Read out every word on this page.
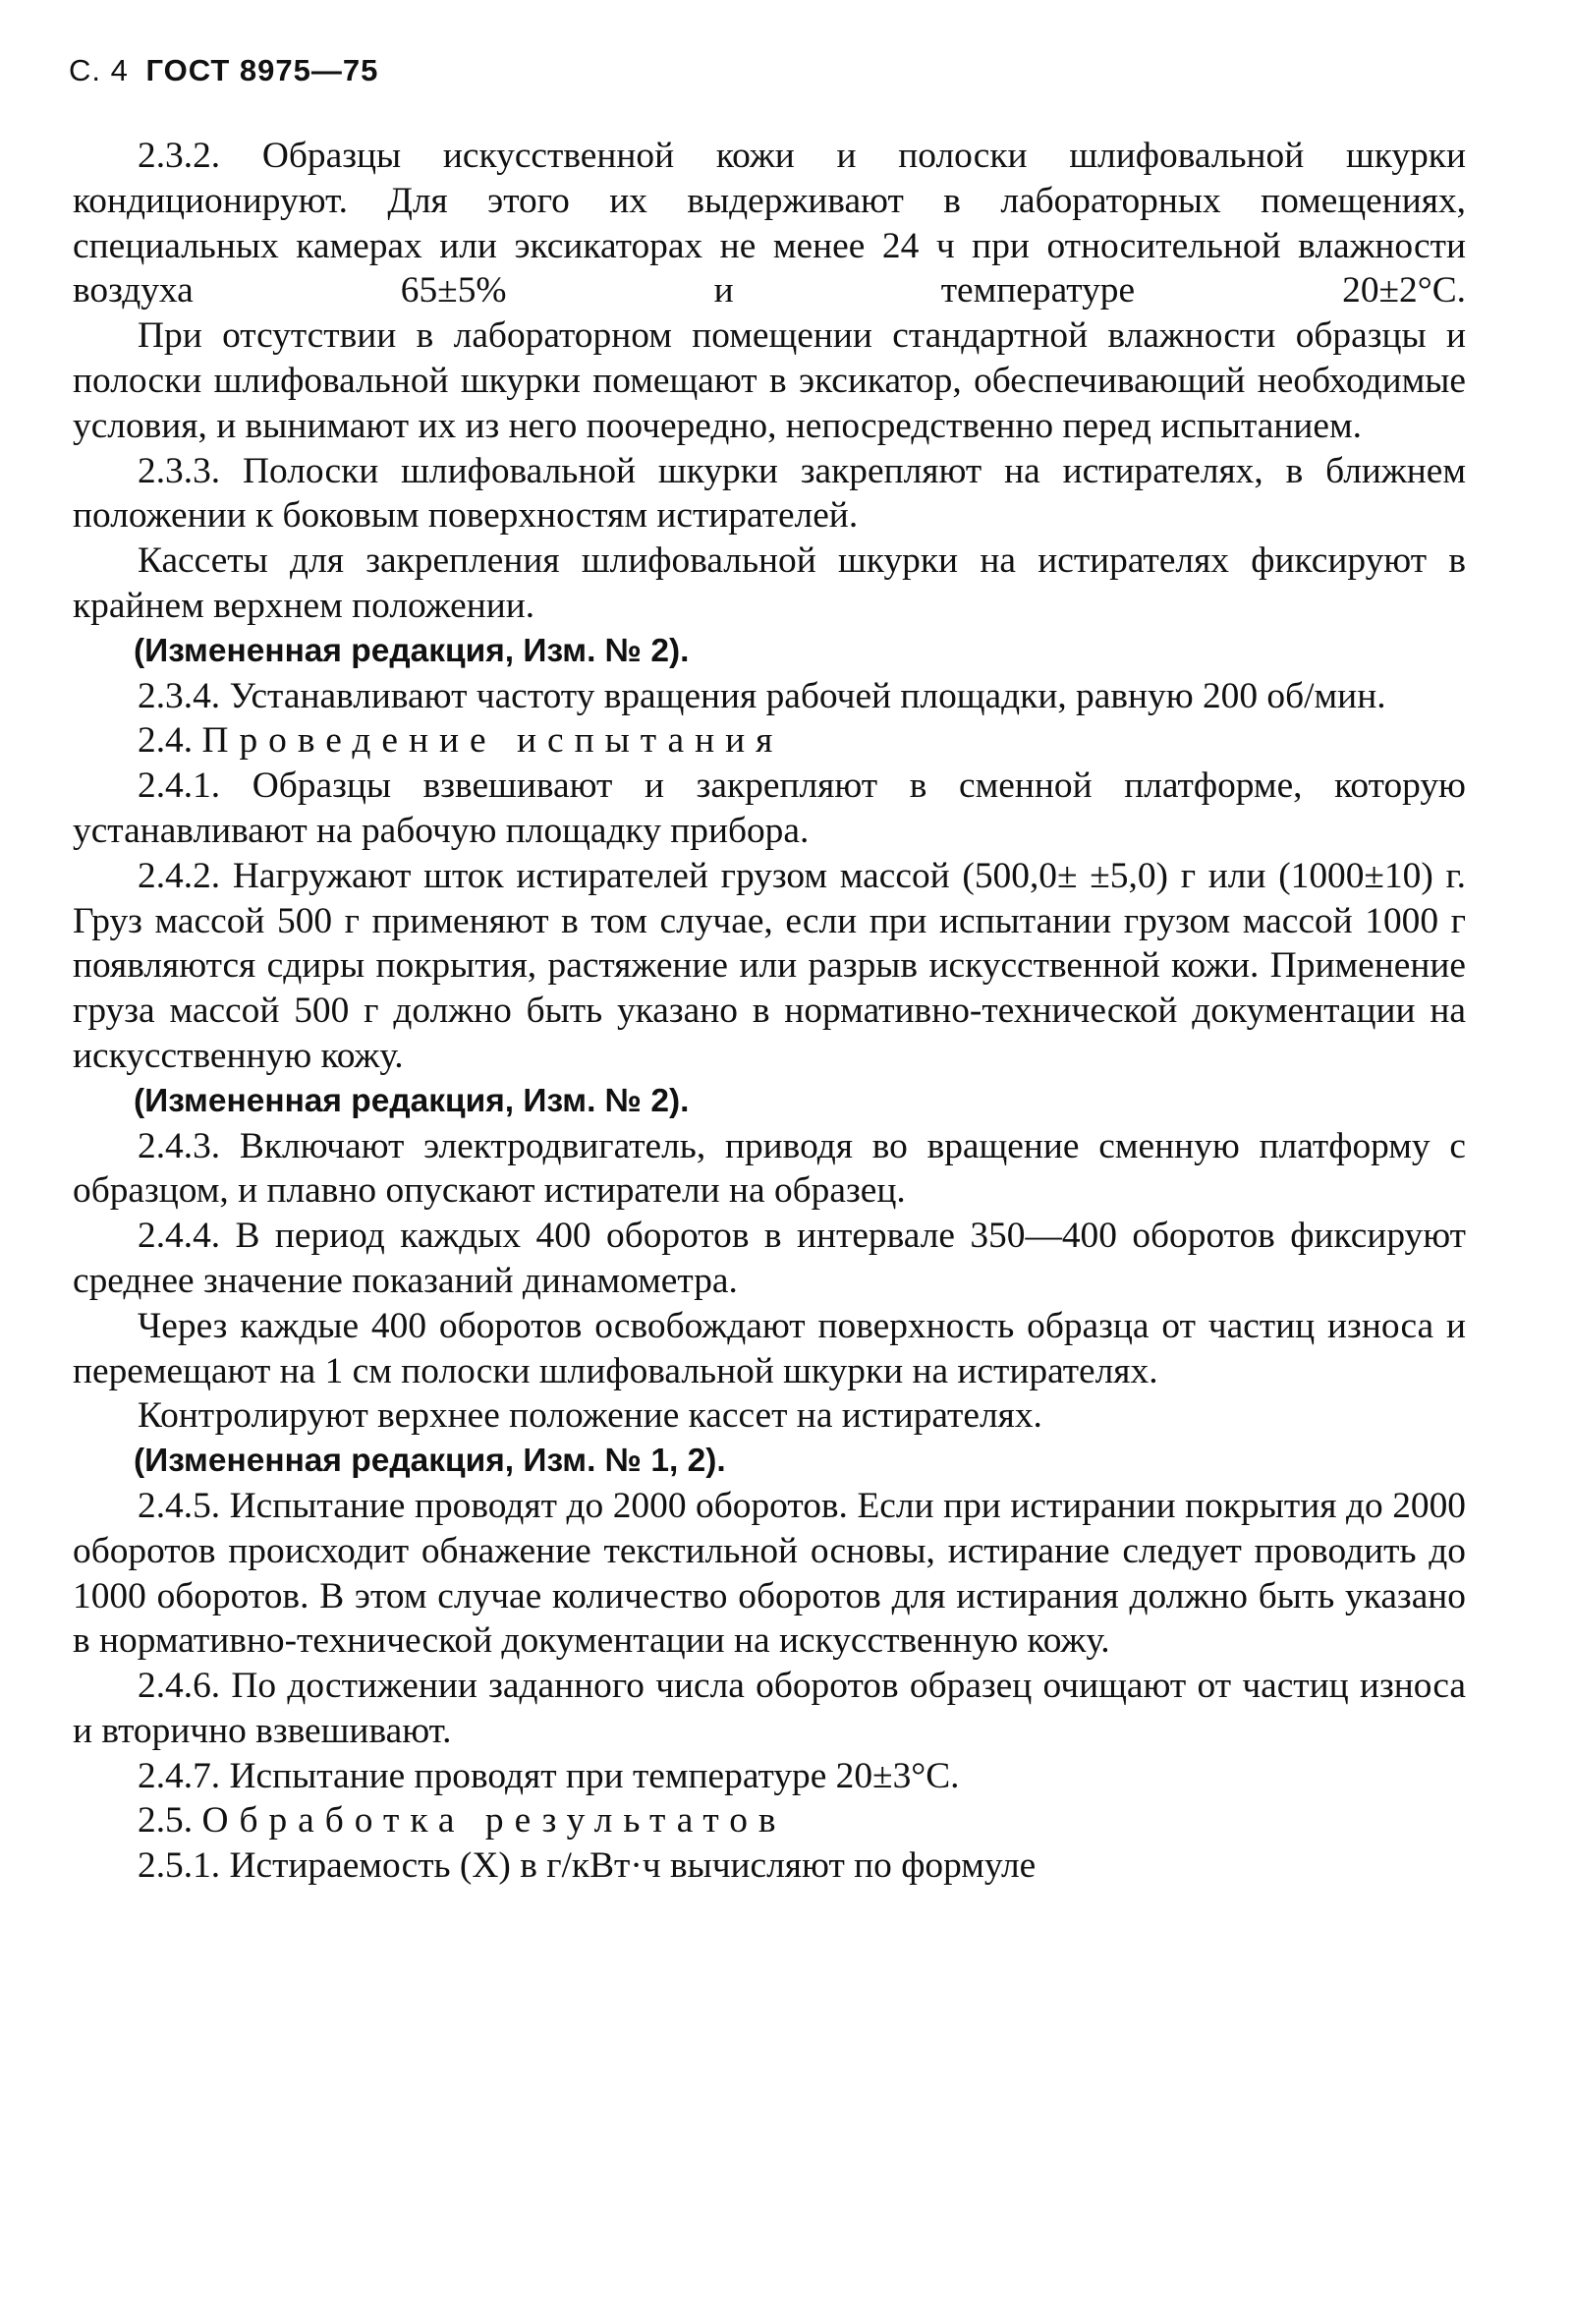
С. 4 ГОСТ 8975—75

2.3.2. Образцы искусственной кожи и полоски шлифовальной шкурки кондиционируют. Для этого их выдерживают в лабораторных помещениях, специальных камерах или эксикаторах не менее 24 ч при относительной влажности воздуха 65±5% и температуре 20±2°С.

При отсутствии в лабораторном помещении стандартной влажности образцы и полоски шлифовальной шкурки помещают в эксикатор, обеспечивающий необходимые условия, и вынимают их из него поочередно, непосредственно перед испытанием.

2.3.3. Полоски шлифовальной шкурки закрепляют на истирателях, в ближнем положении к боковым поверхностям истирателей.

Кассеты для закрепления шлифовальной шкурки на истирателях фиксируют в крайнем верхнем положении.

(Измененная редакция, Изм. № 2).

2.3.4. Устанавливают частоту вращения рабочей площадки, равную 200 об/мин.

2.4. Проведение испытания

2.4.1. Образцы взвешивают и закрепляют в сменной платформе, которую устанавливают на рабочую площадку прибора.

2.4.2. Нагружают шток истирателей грузом массой (500,0± ±5,0) г или (1000±10) г. Груз массой 500 г применяют в том случае, если при испытании грузом массой 1000 г появляются сдиры покрытия, растяжение или разрыв искусственной кожи. Применение груза массой 500 г должно быть указано в нормативно-технической документации на искусственную кожу.

(Измененная редакция, Изм. № 2).

2.4.3. Включают электродвигатель, приводя во вращение сменную платформу с образцом, и плавно опускают истиратели на образец.

2.4.4. В период каждых 400 оборотов в интервале 350—400 оборотов фиксируют среднее значение показаний динамометра.

Через каждые 400 оборотов освобождают поверхность образца от частиц износа и перемещают на 1 см полоски шлифовальной шкурки на истирателях.

Контролируют верхнее положение кассет на истирателях.

(Измененная редакция, Изм. № 1, 2).

2.4.5. Испытание проводят до 2000 оборотов. Если при истирании покрытия до 2000 оборотов происходит обнажение текстильной основы, истирание следует проводить до 1000 оборотов. В этом случае количество оборотов для истирания должно быть указано в нормативно-технической документации на искусственную кожу.

2.4.6. По достижении заданного числа оборотов образец очищают от частиц износа и вторично взвешивают.

2.4.7. Испытание проводят при температуре 20±3°С.

2.5. Обработка результатов

2.5.1. Истираемость (X) в г/кВт·ч вычисляют по формуле
